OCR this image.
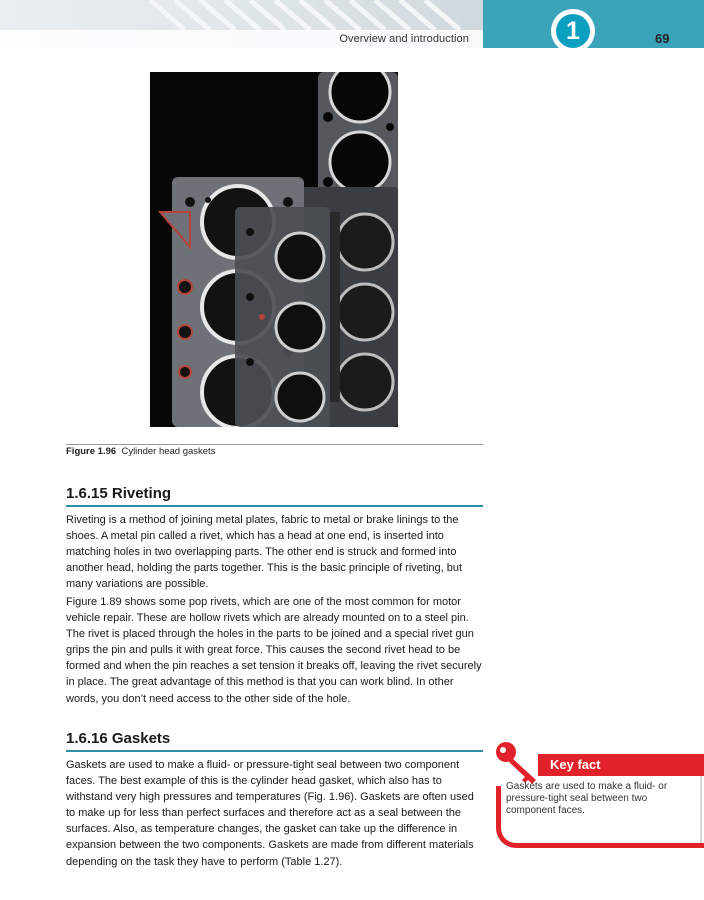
Overview and introduction	1	69
Figure 1.96 Cylinder head gaskets
1.6.15 Riveting

Riveting is a method of joining metal plates, fabric to metal or brake linings to the shoes. A metal pin called a rivet, which has a head at one end, is inserted into matching holes in two overlapping parts. The other end is struck and formed into another head, holding the parts together. This is the basic principle of riveting, but many variations are possible.

Figure 1.89 shows some pop rivets, which are one of the most common for motor vehicle repair. These are hollow rivets which are already mounted on to a steel pin. The rivet is placed through the holes in the parts to be joined and a special rivet gun grips the pin and pulls it with great force. This causes the second rivet head to be formed and when the pin reaches a set tension it breaks off, leaving the rivet securely in place. The great advantage of this method is that you can work blind. In other words, you don’t need access to the other side of the hole.

1.6.16 Gaskets

Gaskets are used to make a fluid- or pressure-tight seal between two component faces. The best example of this is the cylinder head gasket, which also has to withstand very high pressures and temperatures (Fig. 1.96). Gaskets are often used to make up for less than perfect surfaces and therefore act as a seal between the surfaces. Also, as temperature changes, the gasket can take up the difference in expansion between the two components. Gaskets are made from different materials depending on the task they have to perform (Table 1.27).

Key fact

Gaskets are used to make a fluid- or pressure-tight seal between two component faces.
